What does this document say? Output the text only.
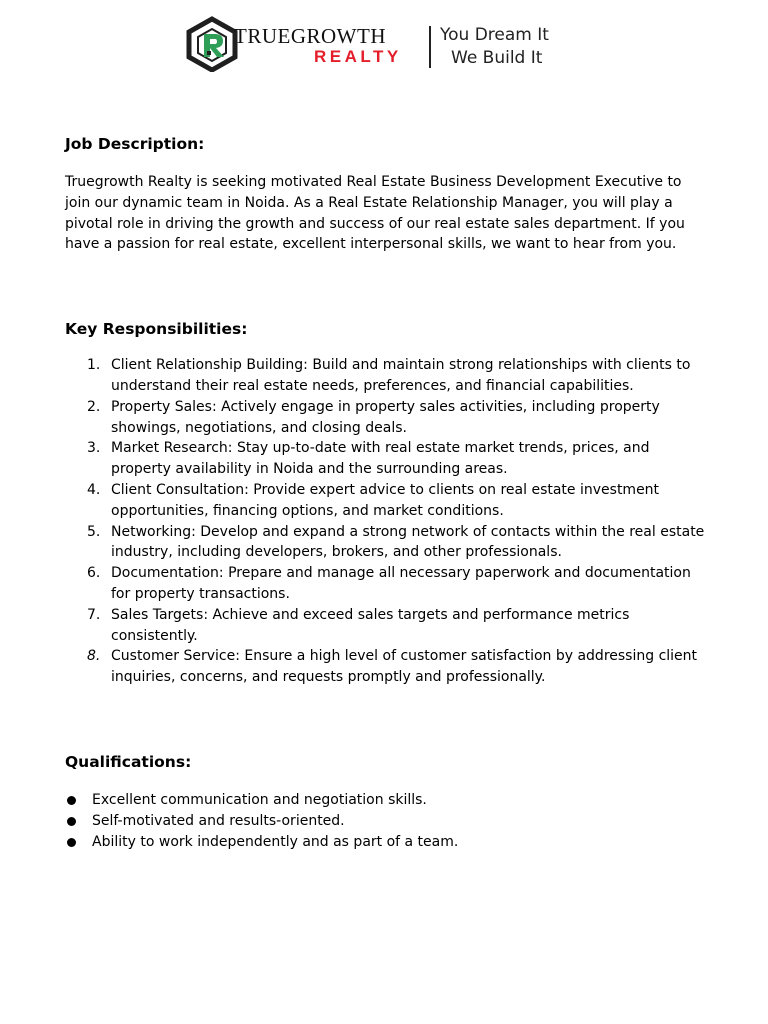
TRUEGROWTH
REALTY
You Dream It
We Build It
Job Description:

Truegrowth Realty is seeking motivated Real Estate Business Development Executive to join our dynamic team in Noida. As a Real Estate Relationship Manager, you will play a pivotal role in driving the growth and success of our real estate sales department. If you have a passion for real estate, excellent interpersonal skills, we want to hear from you.

Key Responsibilities:
1. Client Relationship Building: Build and maintain strong relationships with clients to understand their real estate needs, preferences, and financial capabilities.
2. Property Sales: Actively engage in property sales activities, including property showings, negotiations, and closing deals.
3. Market Research: Stay up-to-date with real estate market trends, prices, and property availability in Noida and the surrounding areas.
4. Client Consultation: Provide expert advice to clients on real estate investment opportunities, financing options, and market conditions.
5. Networking: Develop and expand a strong network of contacts within the real estate industry, including developers, brokers, and other professionals.
6. Documentation: Prepare and manage all necessary paperwork and documentation for property transactions.
7. Sales Targets: Achieve and exceed sales targets and performance metrics consistently.
8. Customer Service: Ensure a high level of customer satisfaction by addressing client inquiries, concerns, and requests promptly and professionally.
Qualifications:
Excellent communication and negotiation skills.
Self-motivated and results-oriented.
Ability to work independently and as part of a team.
